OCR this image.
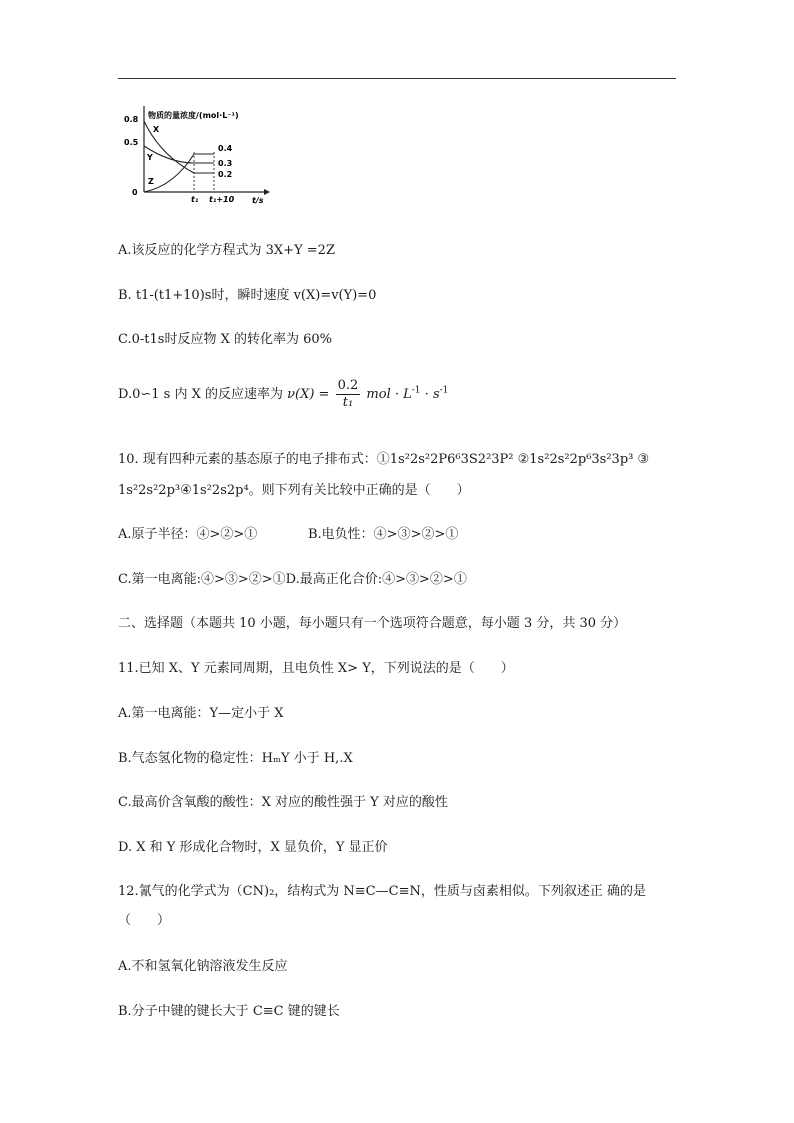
物质的量浓度/(mol·L⁻¹)
0.8
0.5
0
X
Y
Z
0.4
0.3
0.2
t₁ t₁+10 t/s
A.该反应的化学方程式为 3X+Y =2Z
B. t1-(t1+10)s时，瞬时速度 v(X)=v(Y)=0
C.0-t1s时反应物 X 的转化率为 60%
D.0∽1 s 内 X 的反应速率为 $\nu(X) = \frac{0.2}{\text{t₁}}$ mol · $L^{-1} \cdot s^{-1}$
10. 现有四种元素的基态原子的电子排布式：①1s²2s²2P6⁶3S2²3P² ②1s²2s²2p⁶3s²3p³ ③
1s²2s²2p³④1s²2s2p⁴。则下列有关比较中正确的是（　　）
A.原子半径：④>②>①	B.电负性：④>③>②>①
C.第一电离能:④>③>②>①D.最高正化合价:④>③>②>①
二、选择题（本题共 10 小题，每小题只有一个选项符合题意，每小题 3 分，共 30 分）
11.已知 X、Y 元素同周期，且电负性 X> Y，下列说法的是（　　）
A.第一电离能：Y—定小于 X
B.气态氢化物的稳定性：HₘY 小于 H,.X
C.最高价含氧酸的酸性：X 对应的酸性强于 Y 对应的酸性
D. X 和 Y 形成化合物时，X 显负价，Y 显正价
12.氰气的化学式为（CN)₂，结构式为 N≡C—C≡N，性质与卤素相似。下列叙述正 确的是
（　　）
A.不和氢氧化钠溶液发生反应
B.分子中键的键长大于 C≡C 键的键长
